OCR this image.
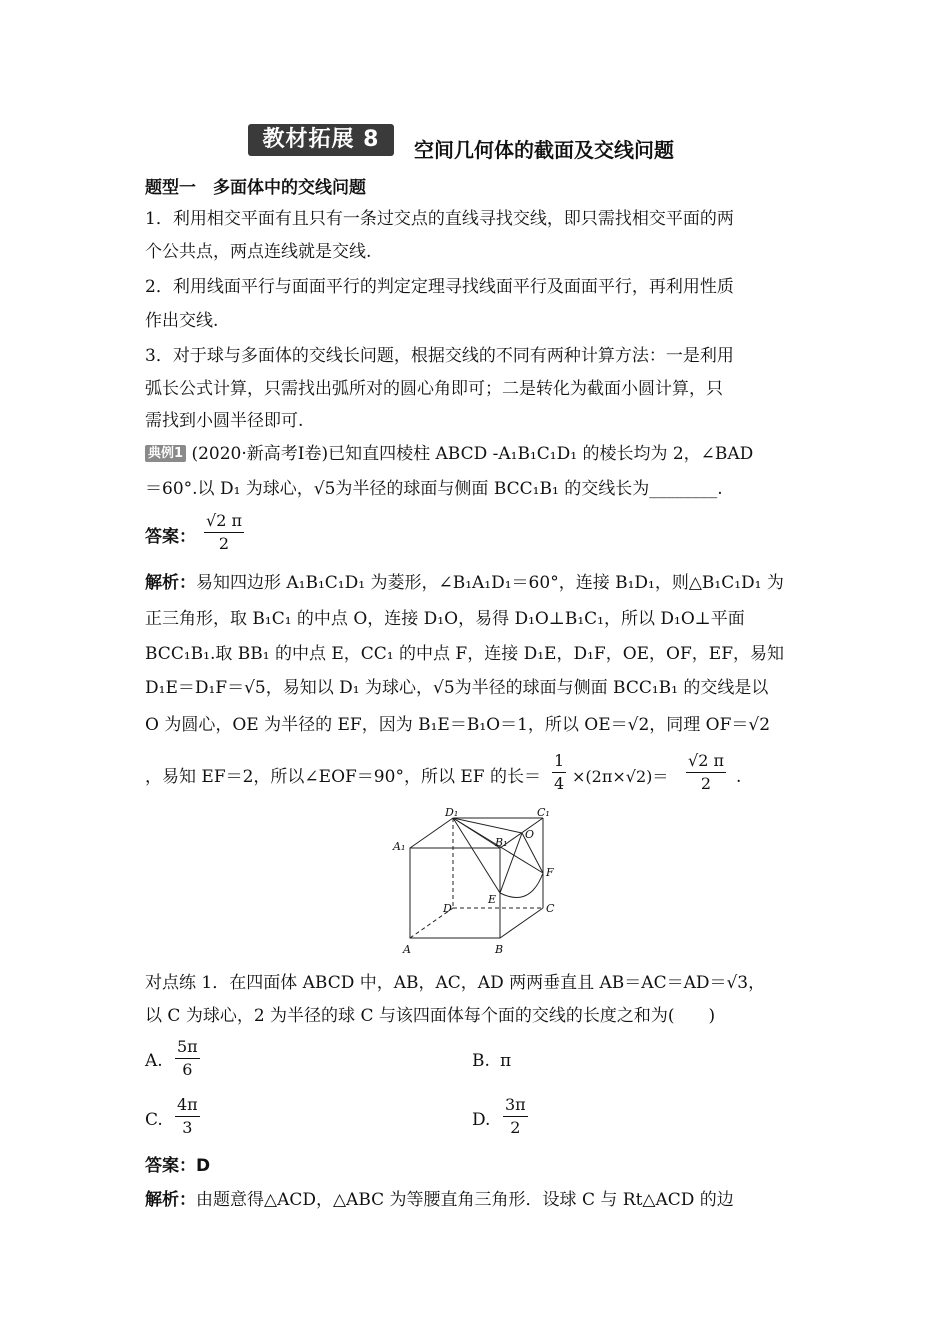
教材拓展 8	空间几何体的截面及交线问题
题型一　多面体中的交线问题
1．利用相交平面有且只有一条过交点的直线寻找交线，即只需找相交平面的两
个公共点，两点连线就是交线.
2．利用线面平行与面面平行的判定定理寻找线面平行及面面平行，再利用性质
作出交线.
3．对于球与多面体的交线长问题，根据交线的不同有两种计算方法：一是利用
弧长公式计算，只需找出弧所对的圆心角即可；二是转化为截面小圆计算，只
需找到小圆半径即可.
典例1 (2020·新高考Ⅰ卷)已知直四棱柱 ABCD -A₁B₁C₁D₁ 的棱长均为 2，∠BAD
＝60°.以 D₁ 为球心，√5为半径的球面与侧面 BCC₁B₁ 的交线长为________.
答案： $\frac{√2 \pi}{2}$
解析：易知四边形 A₁B₁C₁D₁ 为菱形，∠B₁A₁D₁＝60°，连接 B₁D₁，则△B₁C₁D₁ 为
正三角形，取 B₁C₁ 的中点 O，连接 D₁O，易得 D₁O⊥B₁C₁，所以 D₁O⊥平面
BCC₁B₁.取 BB₁ 的中点 E，CC₁ 的中点 F，连接 D₁E，D₁F，OE，OF，EF，易知
D₁E＝D₁F＝√5，易知以 D₁ 为球心，√5为半径的球面与侧面 BCC₁B₁ 的交线是以
O 为圆心，OE 为半径的 EF，因为 B₁E＝B₁O＝1，所以 OE＝√2，同理 OF＝√2
，易知 EF＝2，所以∠EOF＝90°，所以 EF 的长＝ $\frac{1}{4} \times(2\pi\times√2)= \frac{√2 \pi}{2}$ .
D₁	C₁
A₁	B₁
O
F
E
D	C
A	B
对点练 1．在四面体 ABCD 中，AB，AC，AD 两两垂直且 AB＝AC＝AD＝√3，
以 C 为球心，2 为半径的球 C 与该四面体每个面的交线的长度之和为(　　)
A. $\frac{5\pi}{6}$	B. π
C. $\frac{4\pi}{3}$	D. $\frac{3\pi}{2}$
答案：D
解析：由题意得△ACD，△ABC 为等腰直角三角形．设球 C 与 Rt△ACD 的边
